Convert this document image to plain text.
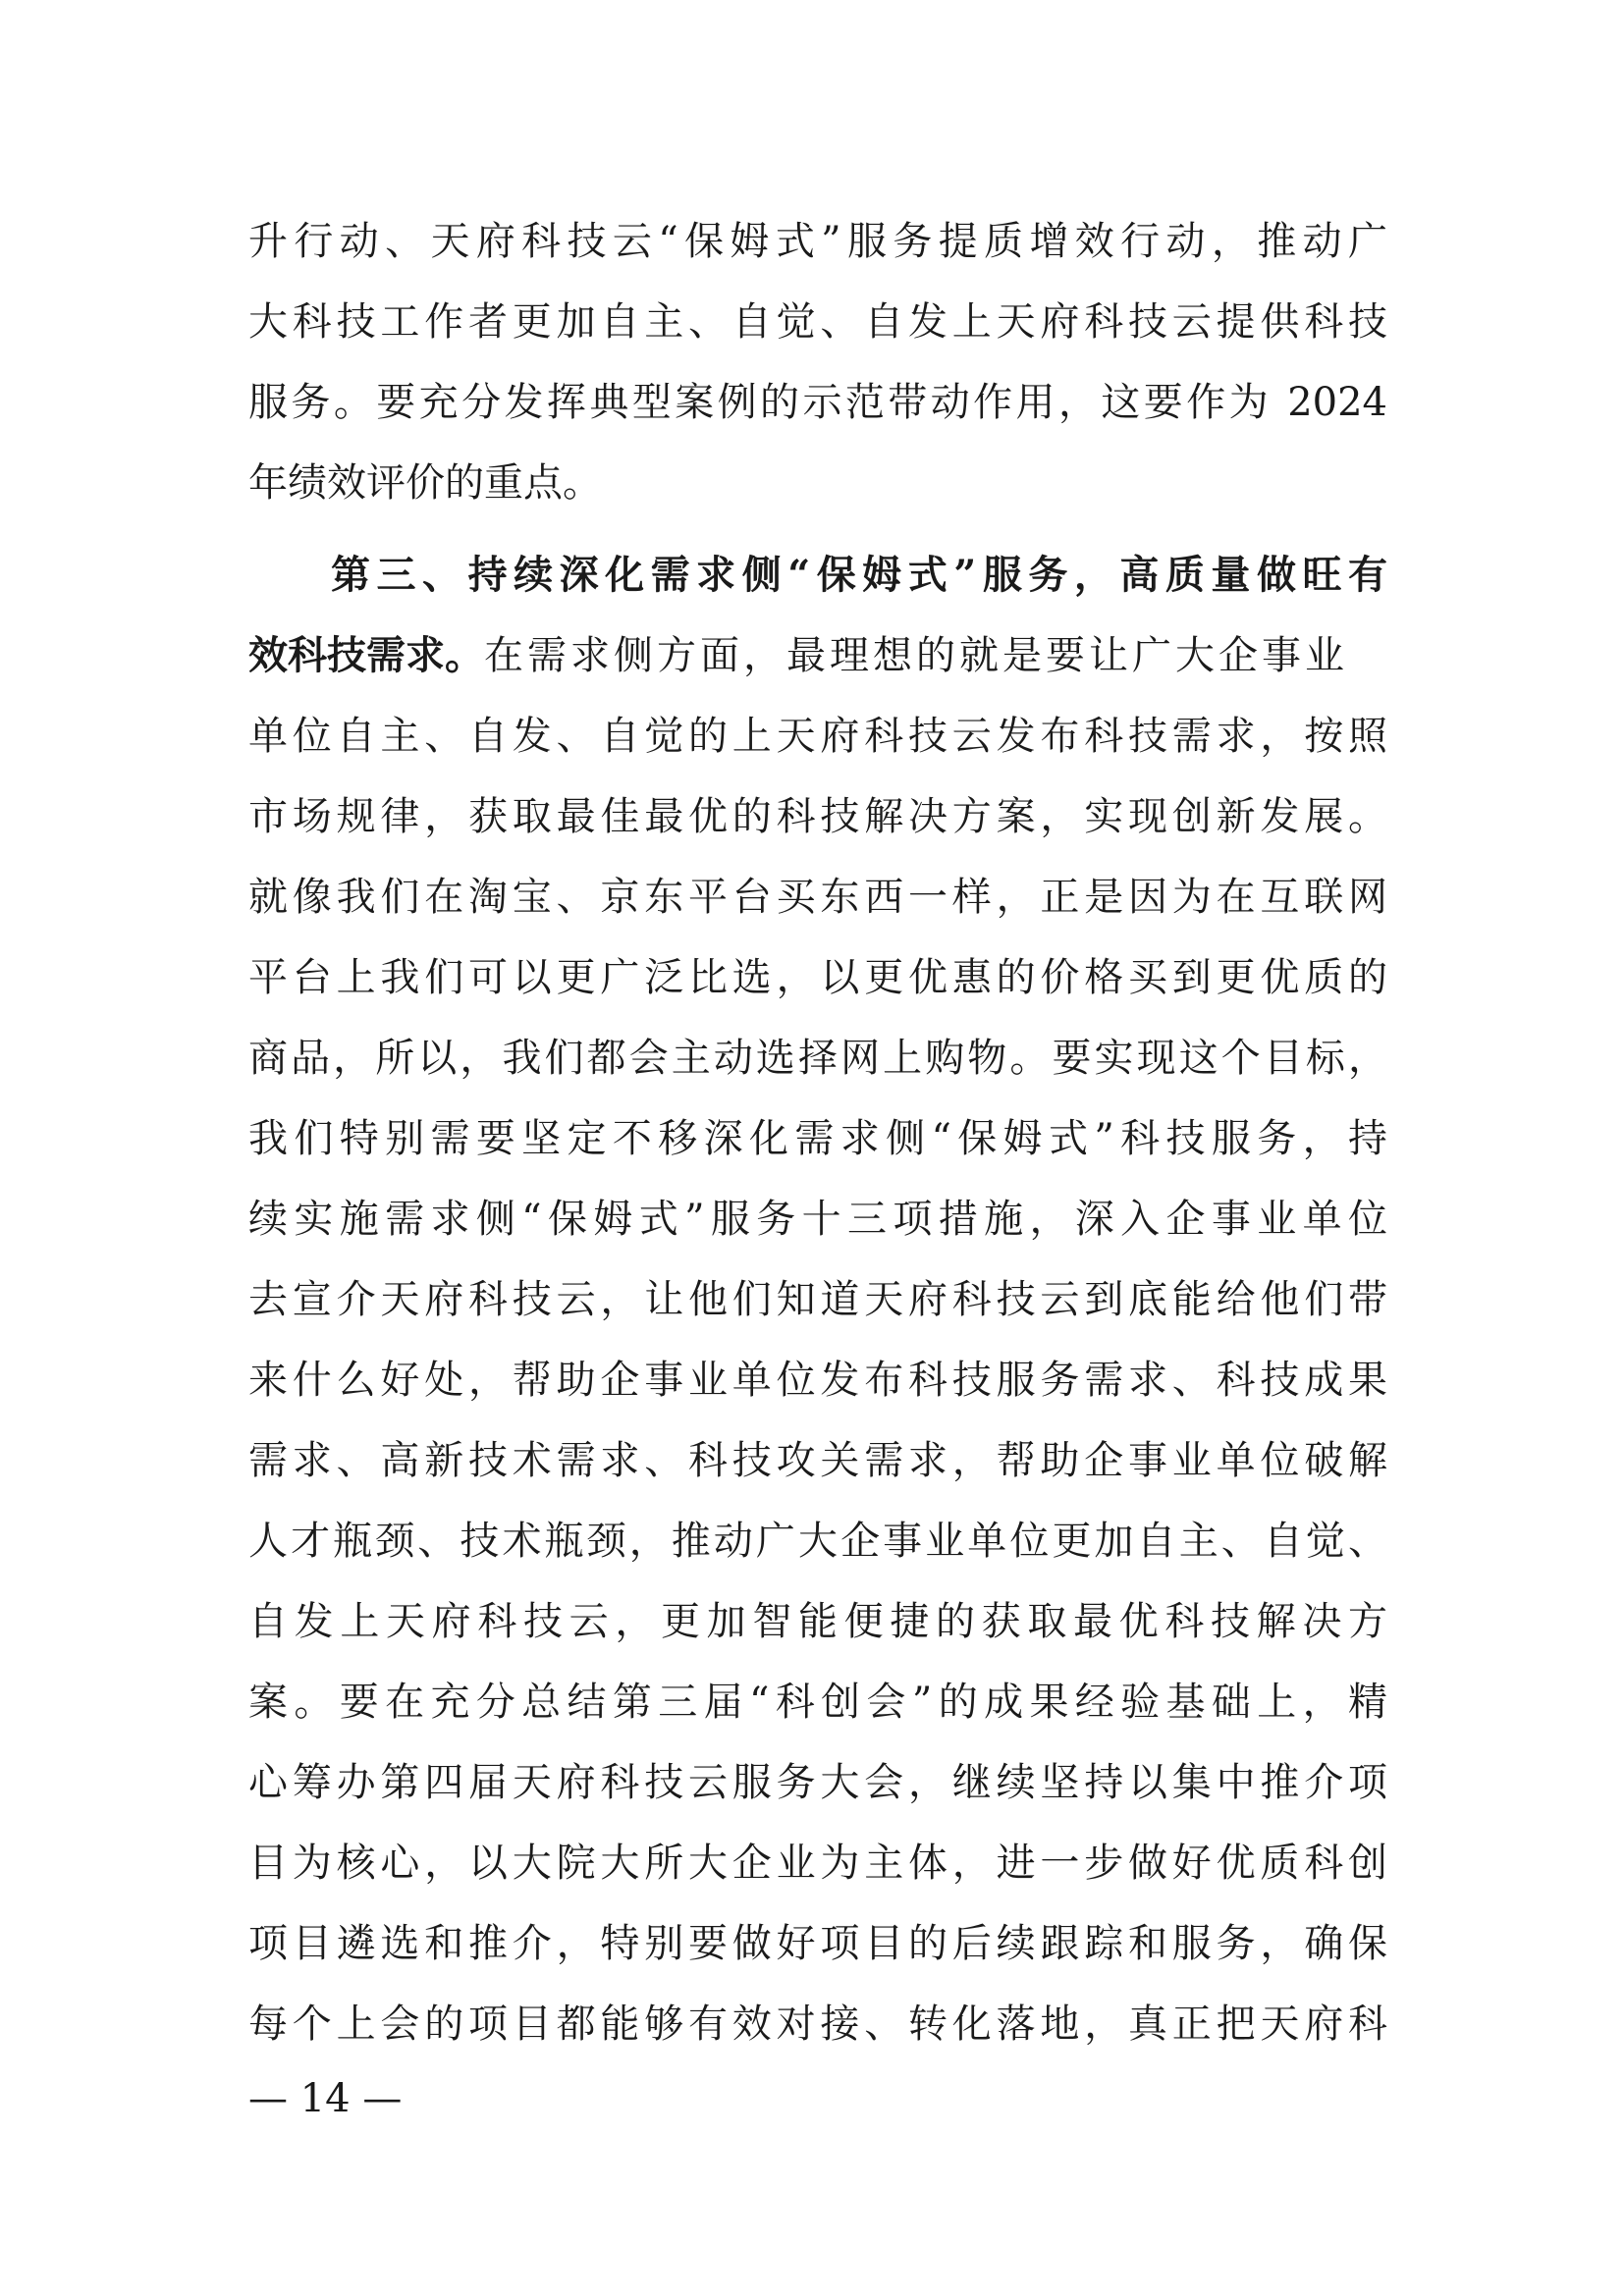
升行动、天府科技云“保姆式”服务提质增效行动，推动广
大科技工作者更加自主、自觉、自发上天府科技云提供科技
服务。要充分发挥典型案例的示范带动作用，这要作为 2024
年绩效评价的重点。
第三、持续深化需求侧“保姆式”服务，高质量做旺有
效科技需求。在需求侧方面，最理想的就是要让广大企事业
单位自主、自发、自觉的上天府科技云发布科技需求，按照
市场规律，获取最佳最优的科技解决方案，实现创新发展。
就像我们在淘宝、京东平台买东西一样，正是因为在互联网
平台上我们可以更广泛比选，以更优惠的价格买到更优质的
商品，所以，我们都会主动选择网上购物。要实现这个目标，
我们特别需要坚定不移深化需求侧“保姆式”科技服务，持
续实施需求侧“保姆式”服务十三项措施，深入企事业单位
去宣介天府科技云，让他们知道天府科技云到底能给他们带
来什么好处，帮助企事业单位发布科技服务需求、科技成果
需求、高新技术需求、科技攻关需求，帮助企事业单位破解
人才瓶颈、技术瓶颈，推动广大企事业单位更加自主、自觉、
自发上天府科技云，更加智能便捷的获取最优科技解决方
案。要在充分总结第三届“科创会”的成果经验基础上，精
心筹办第四届天府科技云服务大会，继续坚持以集中推介项
目为核心，以大院大所大企业为主体，进一步做好优质科创
项目遴选和推介，特别要做好项目的后续跟踪和服务，确保
每个上会的项目都能够有效对接、转化落地，真正把天府科
— 14 —
